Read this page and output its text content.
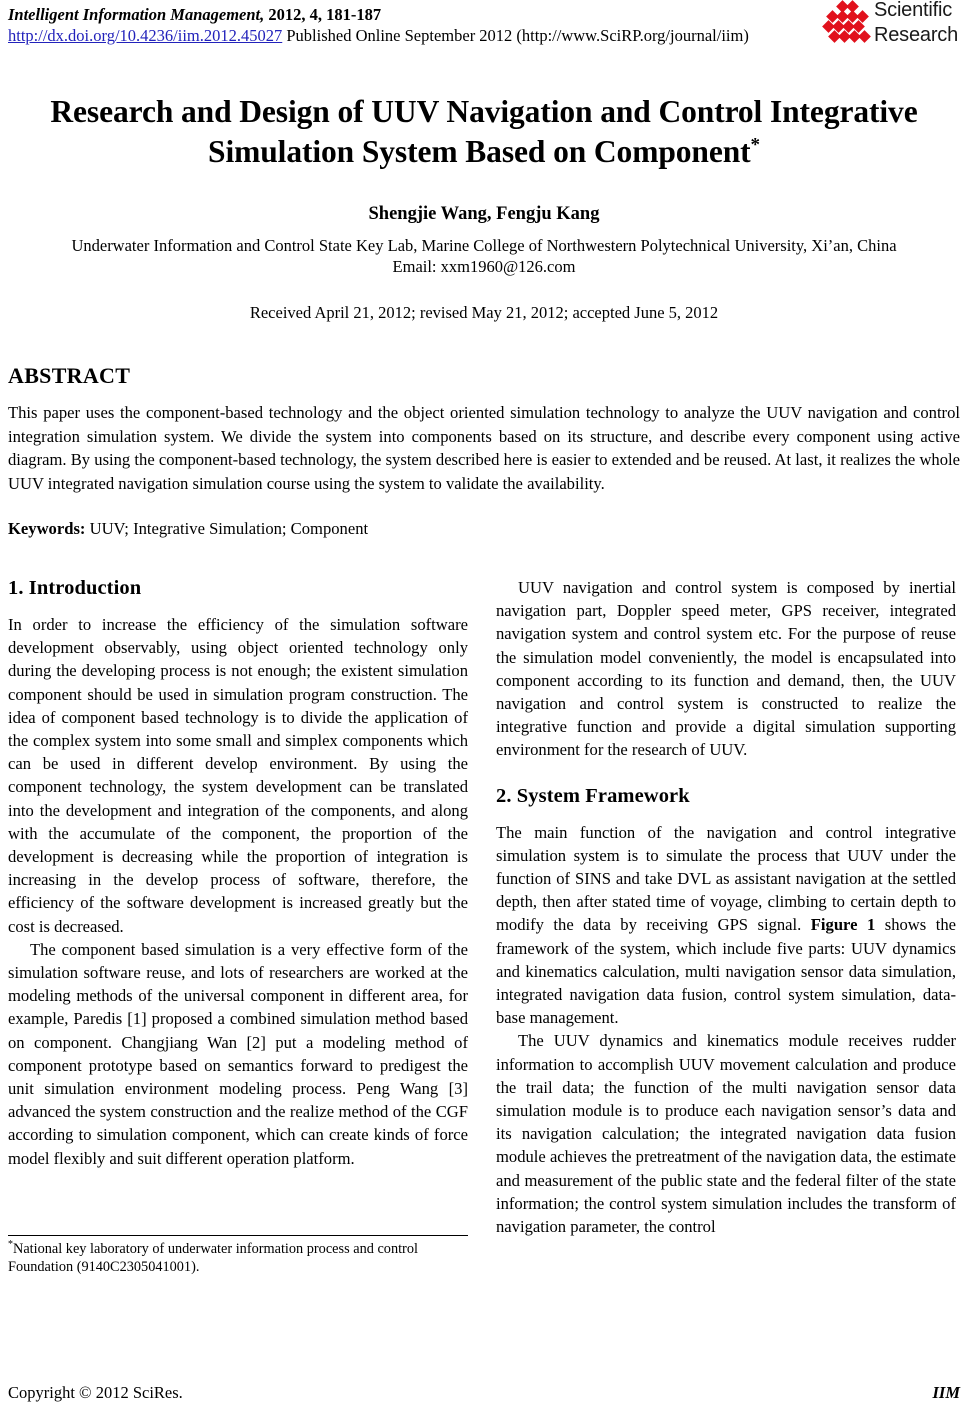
Intelligent Information Management, 2012, 4, 181-187
http://dx.doi.org/10.4236/iim.2012.45027 Published Online September 2012 (http://www.SciRP.org/journal/iim)
Scientific
Research
Research and Design of UUV Navigation and Control Integrative Simulation System Based on Component*
Shengjie Wang, Fengju Kang
Underwater Information and Control State Key Lab, Marine College of Northwestern Polytechnical University, Xi’an, China
Email: xxm1960@126.com
Received April 21, 2012; revised May 21, 2012; accepted June 5, 2012
ABSTRACT

This paper uses the component-based technology and the object oriented simulation technology to analyze the UUV navigation and control integration simulation system. We divide the system into components based on its structure, and describe every component using active diagram. By using the component-based technology, the system described here is easier to extended and be reused. At last, it realizes the whole UUV integrated navigation simulation course using the system to validate the availability.

Keywords: UUV; Integrative Simulation; Component
1. Introduction

In order to increase the efficiency of the simulation software development observably, using object oriented technology only during the developing process is not enough; the existent simulation component should be used in simulation program construction. The idea of component based technology is to divide the application of the complex system into some small and simplex components which can be used in different develop environment. By using the component technology, the system development can be translated into the development and integration of the components, and along with the accumulate of the component, the proportion of the development is decreasing while the proportion of integration is increasing in the develop process of software, therefore, the efficiency of the software development is increased greatly but the cost is decreased.

The component based simulation is a very effective form of the simulation software reuse, and lots of researchers are worked at the modeling methods of the universal component in different area, for example, Paredis [1] proposed a combined simulation method based on component. Changjiang Wan [2] put a modeling method of component prototype based on semantics forward to predigest the unit simulation environment modeling process. Peng Wang [3] advanced the system construction and the realize method of the CGF according to simulation component, which can create kinds of force model flexibly and suit different operation platform.

*National key laboratory of underwater information process and control Foundation (9140C2305041001).

UUV navigation and control system is composed by inertial navigation part, Doppler speed meter, GPS receiver, integrated navigation system and control system etc. For the purpose of reuse the simulation model conveniently, the model is encapsulated into component according to its function and demand, then, the UUV navigation and control system is constructed to realize the integrative function and provide a digital simulation supporting environment for the research of UUV.

2. System Framework

The main function of the navigation and control integrative simulation system is to simulate the process that UUV under the function of SINS and take DVL as assistant navigation at the settled depth, then after stated time of voyage, climbing to certain depth to modify the data by receiving GPS signal. Figure 1 shows the framework of the system, which include five parts: UUV dynamics and kinematics calculation, multi navigation sensor data simulation, integrated navigation data fusion, control system simulation, data-base management.

The UUV dynamics and kinematics module receives rudder information to accomplish UUV movement calculation and produce the trail data; the function of the multi navigation sensor data simulation module is to produce each navigation sensor’s data and its navigation calculation; the integrated navigation data fusion module achieves the pretreatment of the navigation data, the estimate and measurement of the public state and the federal filter of the state information; the control system simulation includes the transform of navigation parameter, the control

Copyright © 2012 SciRes.	IIM
